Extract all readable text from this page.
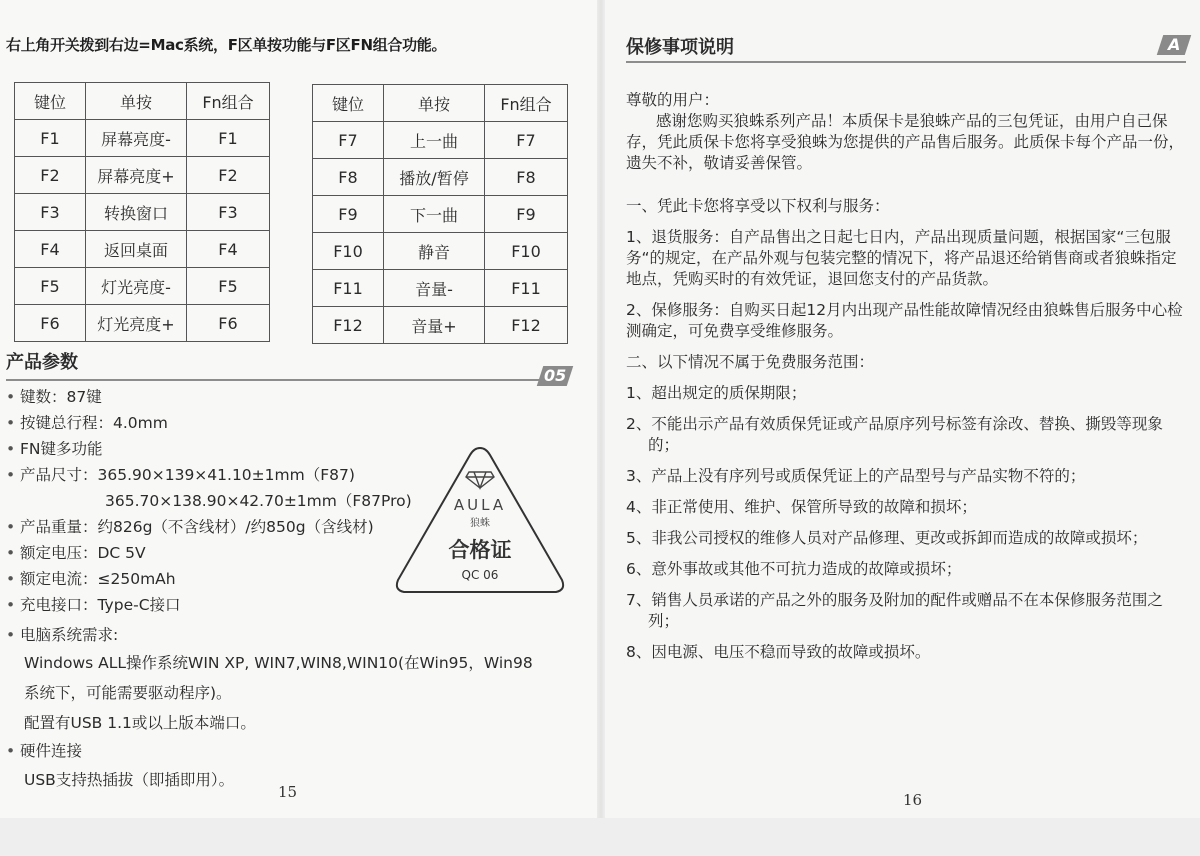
右上角开关拨到右边=Mac系统，F区单按功能与F区FN组合功能。
键位	单按	Fn组合
F1	屏幕亮度-	F1
F2	屏幕亮度+	F2
F3	转换窗口	F3
F4	返回桌面	F4
F5	灯光亮度-	F5
F6	灯光亮度+	F6
键位	单按	Fn组合
F7	上一曲	F7
F8	播放/暂停	F8
F9	下一曲	F9
F10	静音	F10
F11	音量-	F11
F12	音量+	F12
产品参数
05
• 键数：87键
• 按键总行程：4.0mm
• FN键多功能
• 产品尺寸：365.90×139×41.10±1mm（F87)
365.70×138.90×42.70±1mm（F87Pro)
• 产品重量：约826g（不含线材）/约850g（含线材)
• 额定电压：DC 5V
• 额定电流：≤250mAh
• 充电接口：Type-C接口
• 电脑系统需求:
Windows ALL操作系统WIN XP, WIN7,WIN8,WIN10(在Win95，Win98
系统下，可能需要驱动程序)。
配置有USB 1.1或以上版本端口。
• 硬件连接
USB支持热插拔（即插即用）。
AULA
狼蛛
合格证
QC 06
15
保修事项说明	A
16

尊敬的用户：

感谢您购买狼蛛系列产品！本质保卡是狼蛛产品的三包凭证，由用户自己保存，凭此质保卡您将享受狼蛛为您提供的产品售后服务。此质保卡每个产品一份，遗失不补，敬请妥善保管。

一、凭此卡您将享受以下权利与服务：

1、退货服务：自产品售出之日起七日内，产品出现质量问题，根据国家“三包服务“的规定，在产品外观与包装完整的情况下，将产品退还给销售商或者狼蛛指定地点，凭购买时的有效凭证，退回您支付的产品货款。

2、保修服务：自购买日起12月内出现产品性能故障情况经由狼蛛售后服务中心检测确定，可免费享受维修服务。

二、以下情况不属于免费服务范围：

1、超出规定的质保期限；

2、不能出示产品有效质保凭证或产品原序列号标签有涂改、替换、撕毁等现象的；

3、产品上没有序列号或质保凭证上的产品型号与产品实物不符的；

4、非正常使用、维护、保管所导致的故障和损坏；

5、非我公司授权的维修人员对产品修理、更改或拆卸而造成的故障或损坏；

6、意外事故或其他不可抗力造成的故障或损坏；

7、销售人员承诺的产品之外的服务及附加的配件或赠品不在本保修服务范围之列；

8、因电源、电压不稳而导致的故障或损坏。
